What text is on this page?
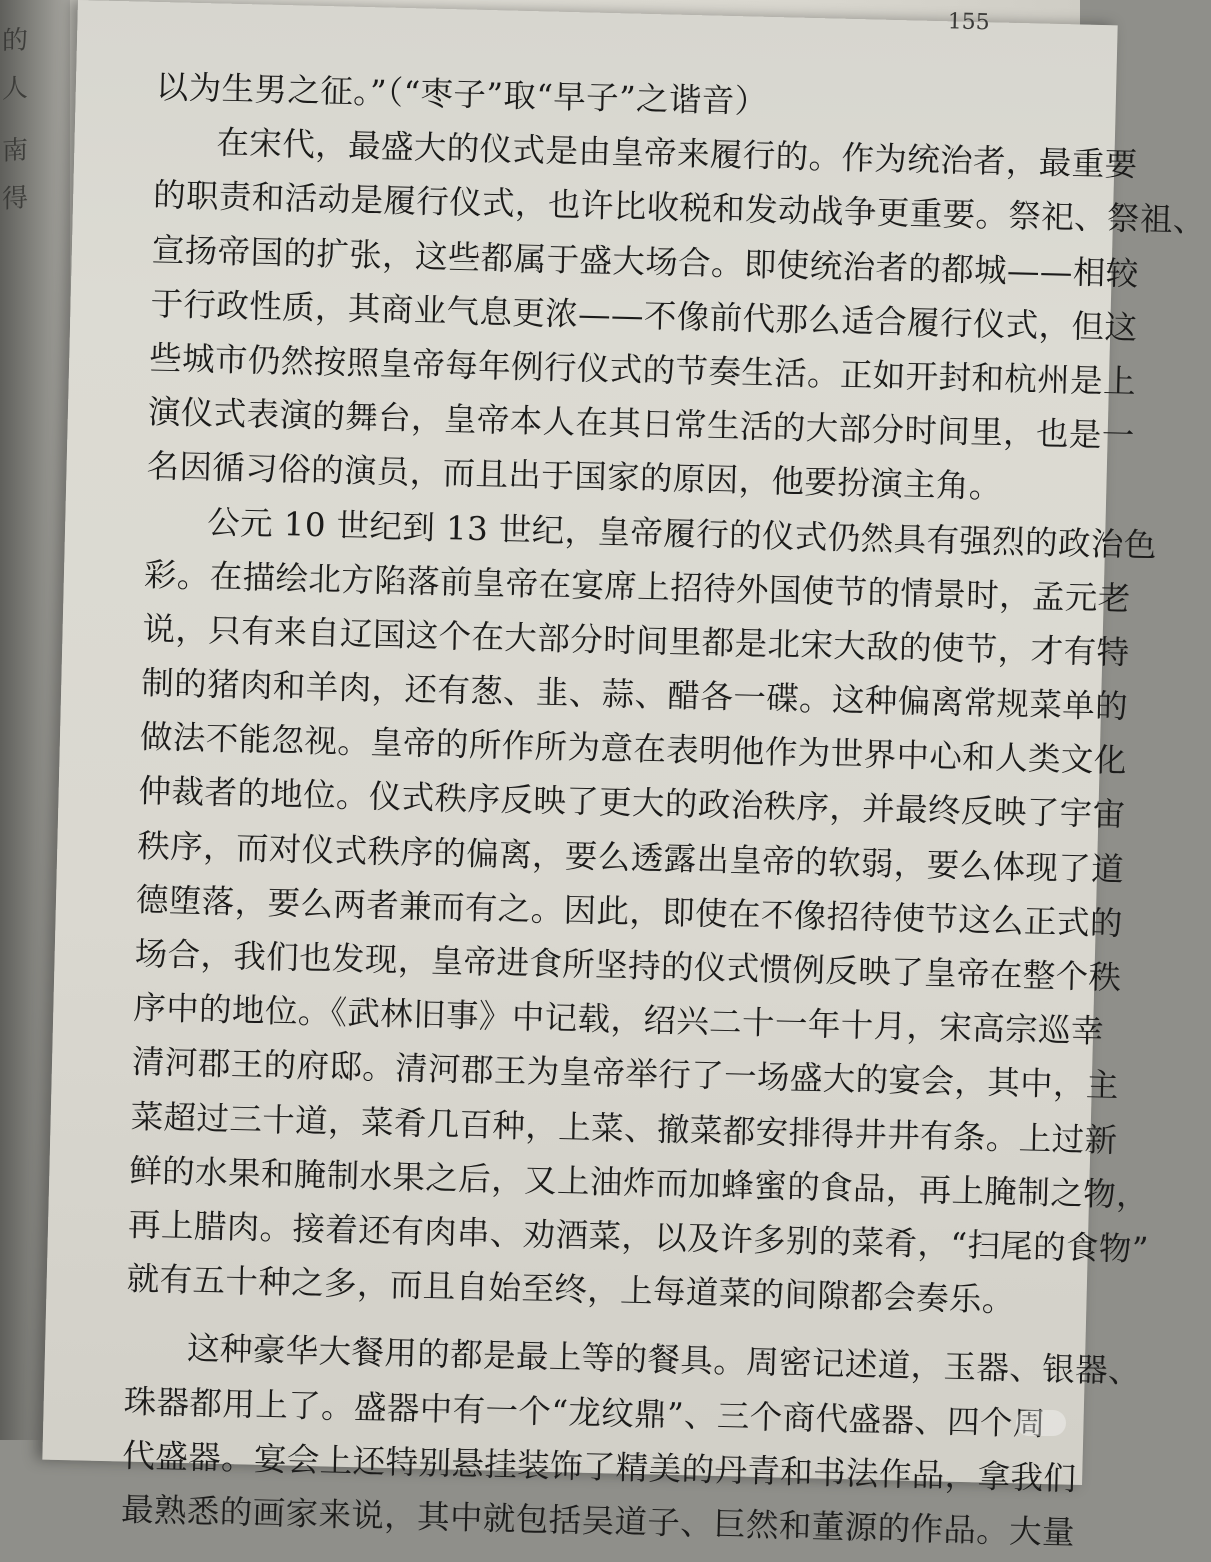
的
人
南
得
155
以为生男之征。”（“枣子”取“早子”之谐音）
在宋代，最盛大的仪式是由皇帝来履行的。作为统治者，最重要
的职责和活动是履行仪式，也许比收税和发动战争更重要。祭祀、祭祖、
宣扬帝国的扩张，这些都属于盛大场合。即使统治者的都城——相较
于行政性质，其商业气息更浓——不像前代那么适合履行仪式，但这
些城市仍然按照皇帝每年例行仪式的节奏生活。正如开封和杭州是上
演仪式表演的舞台，皇帝本人在其日常生活的大部分时间里，也是一
名因循习俗的演员，而且出于国家的原因，他要扮演主角。
公元 10 世纪到 13 世纪，皇帝履行的仪式仍然具有强烈的政治色
彩。在描绘北方陷落前皇帝在宴席上招待外国使节的情景时，孟元老
说，只有来自辽国这个在大部分时间里都是北宋大敌的使节，才有特
制的猪肉和羊肉，还有葱、韭、蒜、醋各一碟。这种偏离常规菜单的
做法不能忽视。皇帝的所作所为意在表明他作为世界中心和人类文化
仲裁者的地位。仪式秩序反映了更大的政治秩序，并最终反映了宇宙
秩序，而对仪式秩序的偏离，要么透露出皇帝的软弱，要么体现了道
德堕落，要么两者兼而有之。因此，即使在不像招待使节这么正式的
场合，我们也发现，皇帝进食所坚持的仪式惯例反映了皇帝在整个秩
序中的地位。《武林旧事》中记载，绍兴二十一年十月，宋高宗巡幸
清河郡王的府邸。清河郡王为皇帝举行了一场盛大的宴会，其中，主
菜超过三十道，菜肴几百种，上菜、撤菜都安排得井井有条。上过新
鲜的水果和腌制水果之后，又上油炸而加蜂蜜的食品，再上腌制之物，
再上腊肉。接着还有肉串、劝酒菜，以及许多别的菜肴，“扫尾的食物”
就有五十种之多，而且自始至终，上每道菜的间隙都会奏乐。
这种豪华大餐用的都是最上等的餐具。周密记述道，玉器、银器、
珠器都用上了。盛器中有一个“龙纹鼎”、三个商代盛器、四个周
代盛器。宴会上还特别悬挂装饰了精美的丹青和书法作品，拿我们
最熟悉的画家来说，其中就包括吴道子、巨然和董源的作品。大量
